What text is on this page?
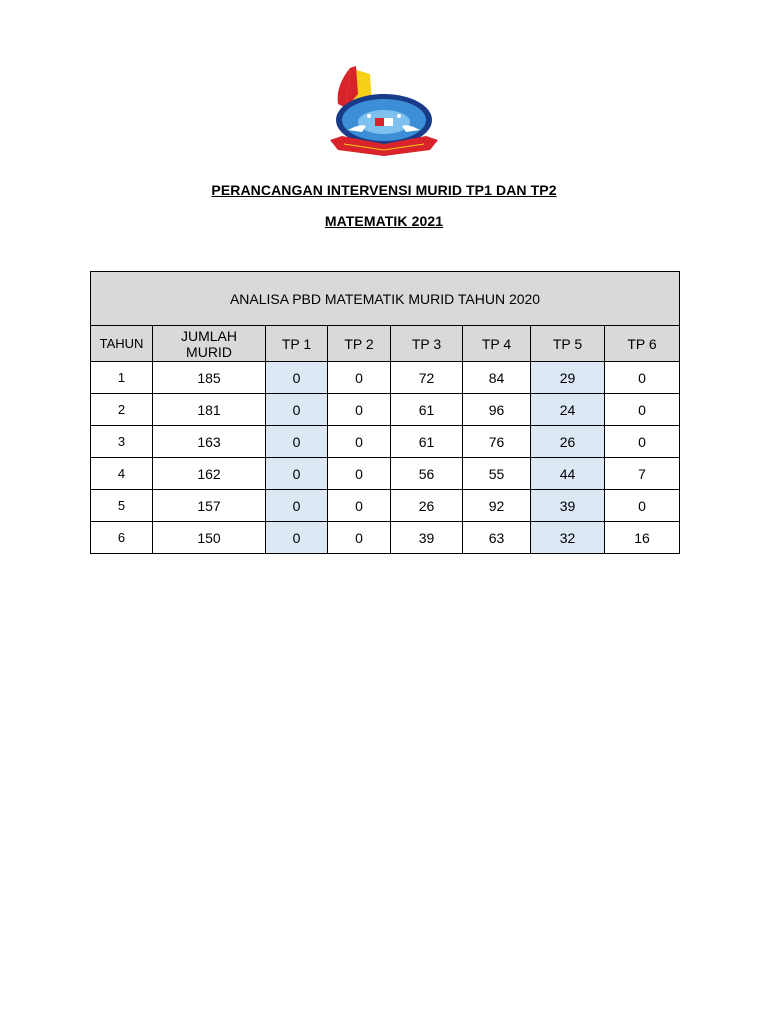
PERANCANGAN INTERVENSI MURID TP1 DAN TP2
MATEMATIK 2021
ANALISA PBD MATEMATIK MURID TAHUN 2020							
TAHUN	JUMLAH MURID	TP 1	TP 2	TP 3	TP 4	TP 5	TP 6
1	185	0	0	72	84	29	0
2	181	0	0	61	96	24	0
3	163	0	0	61	76	26	0
4	162	0	0	56	55	44	7
5	157	0	0	26	92	39	0
6	150	0	0	39	63	32	16
